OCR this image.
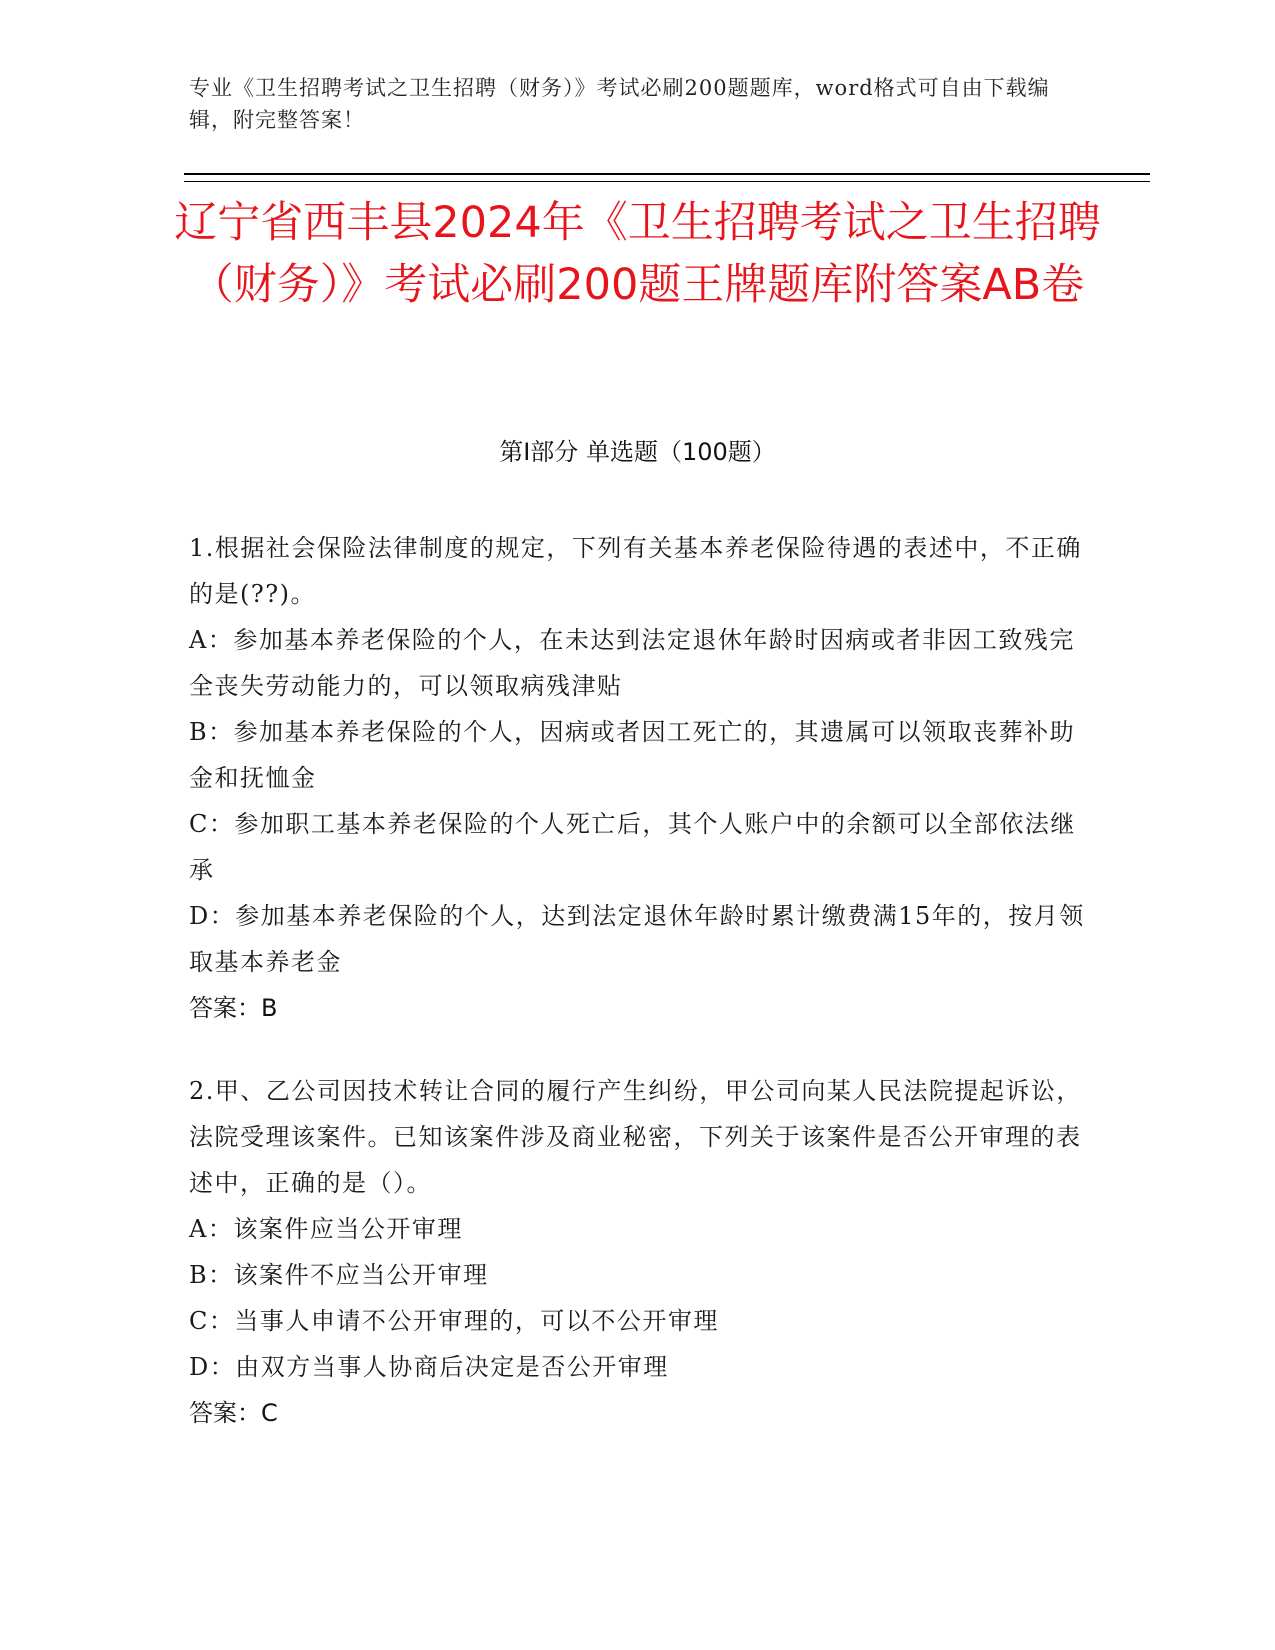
专业《卫生招聘考试之卫生招聘（财务）》考试必刷200题题库，word格式可自由下载编辑，附完整答案！
辽宁省西丰县2024年《卫生招聘考试之卫生招聘（财务）》考试必刷200题王牌题库附答案AB卷
第Ⅰ部分 单选题（100题）

1.根据社会保险法律制度的规定，下列有关基本养老保险待遇的表述中，不正确的是(??)。

A：参加基本养老保险的个人，在未达到法定退休年龄时因病或者非因工致残完全丧失劳动能力的，可以领取病残津贴

B：参加基本养老保险的个人，因病或者因工死亡的，其遗属可以领取丧葬补助金和抚恤金

C：参加职工基本养老保险的个人死亡后，其个人账户中的余额可以全部依法继承

D：参加基本养老保险的个人，达到法定退休年龄时累计缴费满15年的，按月领取基本养老金

答案：B

2.甲、乙公司因技术转让合同的履行产生纠纷，甲公司向某人民法院提起诉讼，法院受理该案件。已知该案件涉及商业秘密，下列关于该案件是否公开审理的表述中，正确的是（）。

A：该案件应当公开审理

B：该案件不应当公开审理

C：当事人申请不公开审理的，可以不公开审理

D：由双方当事人协商后决定是否公开审理

答案：C
